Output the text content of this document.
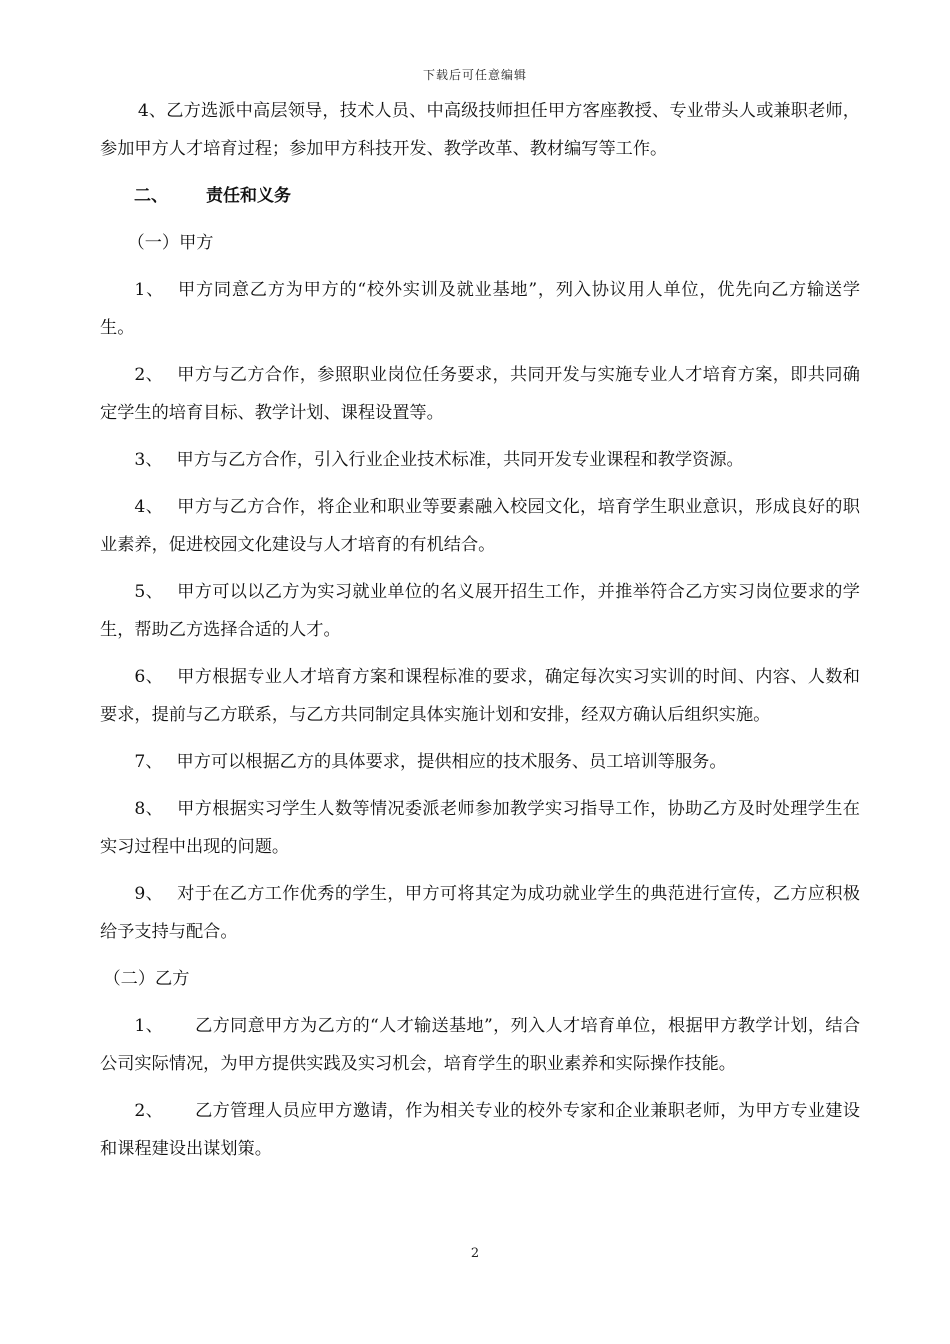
下载后可任意编辑

4、乙方选派中高层领导，技术人员、中高级技师担任甲方客座教授、专业带头人或兼职老师，参加甲方人才培育过程；参加甲方科技开发、教学改革、教材编写等工作。

二、 责任和义务
（一）甲方

1、 甲方同意乙方为甲方的“校外实训及就业基地”，列入协议用人单位，优先向乙方输送学生。

2、 甲方与乙方合作，参照职业岗位任务要求，共同开发与实施专业人才培育方案，即共同确定学生的培育目标、教学计划、课程设置等。

3、 甲方与乙方合作，引入行业企业技术标准，共同开发专业课程和教学资源。

4、 甲方与乙方合作，将企业和职业等要素融入校园文化，培育学生职业意识，形成良好的职业素养，促进校园文化建设与人才培育的有机结合。

5、 甲方可以以乙方为实习就业单位的名义展开招生工作，并推举符合乙方实习岗位要求的学生，帮助乙方选择合适的人才。

6、 甲方根据专业人才培育方案和课程标准的要求，确定每次实习实训的时间、内容、人数和要求，提前与乙方联系，与乙方共同制定具体实施计划和安排，经双方确认后组织实施。

7、 甲方可以根据乙方的具体要求，提供相应的技术服务、员工培训等服务。

8、 甲方根据实习学生人数等情况委派老师参加教学实习指导工作，协助乙方及时处理学生在实习过程中出现的问题。

9、 对于在乙方工作优秀的学生，甲方可将其定为成功就业学生的典范进行宣传，乙方应积极给予支持与配合。

（二）乙方

1、 乙方同意甲方为乙方的“人才输送基地”，列入人才培育单位，根据甲方教学计划，结合公司实际情况，为甲方提供实践及实习机会，培育学生的职业素养和实际操作技能。

2、 乙方管理人员应甲方邀请，作为相关专业的校外专家和企业兼职老师，为甲方专业建设和课程建设出谋划策。

2
